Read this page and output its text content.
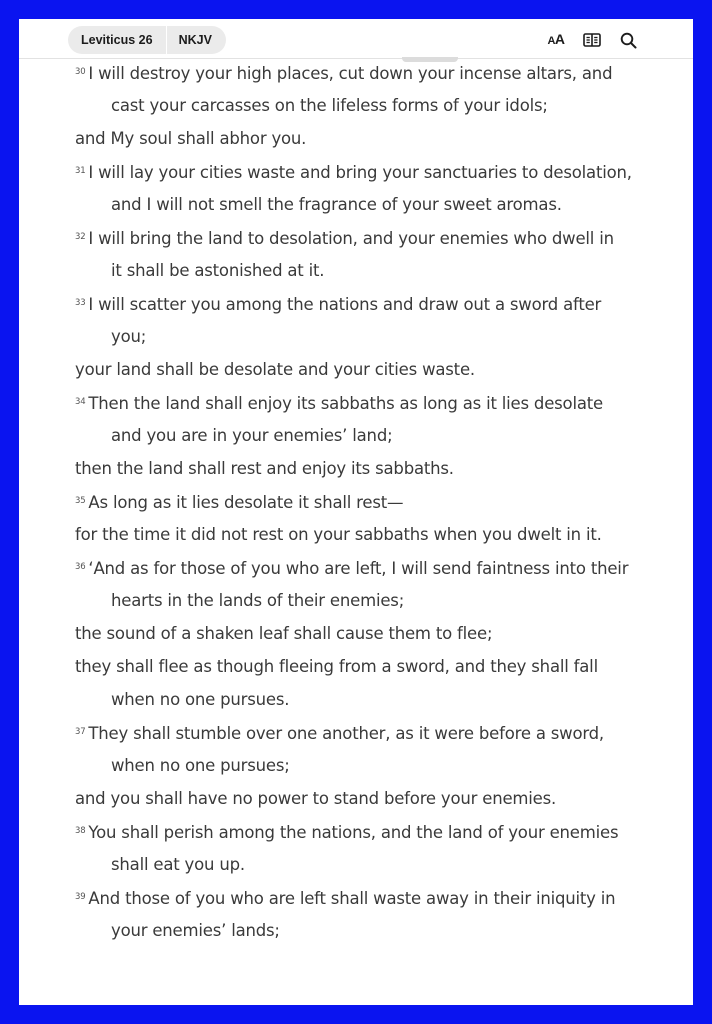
Leviticus 26	NKJV	AA
$^{30}$ I will destroy your high places, cut down your incense altars, and
cast your carcasses on the lifeless forms of your idols;
and My soul shall abhor you.
$^{31}$ I will lay your cities waste and bring your sanctuaries to desolation,
and I will not smell the fragrance of your sweet aromas.
$^{32}$ I will bring the land to desolation, and your enemies who dwell in
it shall be astonished at it.
$^{33}$ I will scatter you among the nations and draw out a sword after
you;
your land shall be desolate and your cities waste.
$^{34}$ Then the land shall enjoy its sabbaths as long as it lies desolate
and you are in your enemies’ land;
then the land shall rest and enjoy its sabbaths.
$^{35}$ As long as it lies desolate it shall rest—
for the time it did not rest on your sabbaths when you dwelt in it.
$^{36}$ ‘And as for those of you who are left, I will send faintness into their
hearts in the lands of their enemies;
the sound of a shaken leaf shall cause them to flee;
they shall flee as though fleeing from a sword, and they shall fall
when no one pursues.
$^{37}$ They shall stumble over one another, as it were before a sword,
when no one pursues;
and you shall have no power to stand before your enemies.
$^{38}$ You shall perish among the nations, and the land of your enemies
shall eat you up.
$^{39}$ And those of you who are left shall waste away in their iniquity in
your enemies’ lands;
